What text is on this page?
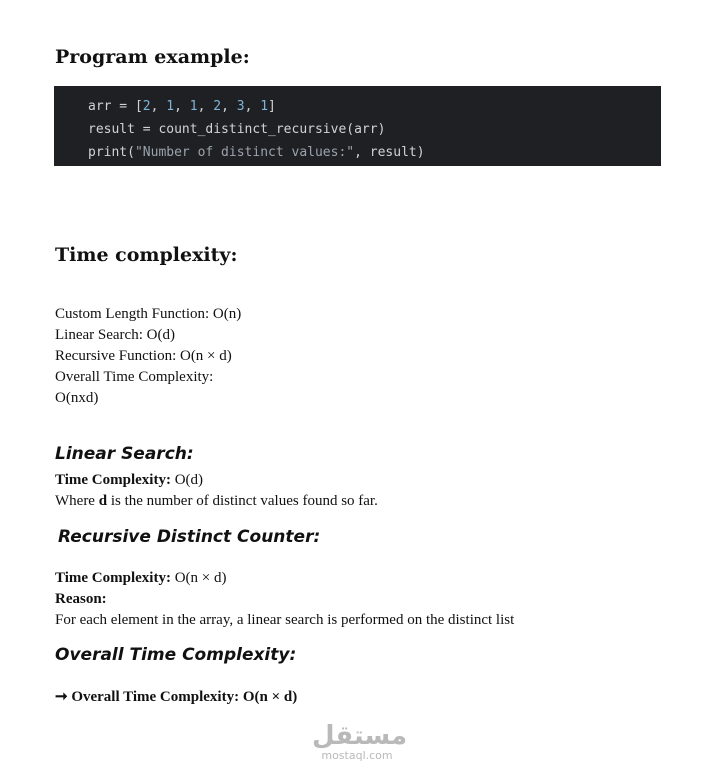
Program example:
arr = [2, 1, 1, 2, 3, 1]
result = count_distinct_recursive(arr)
print("Number of distinct values:", result)
Time complexity:
Custom Length Function: O(n)
Linear Search: O(d)
Recursive Function: O(n × d)
Overall Time Complexity:
O(nxd)
Linear Search:
Time Complexity: O(d)
Where d is the number of distinct values found so far.
Recursive Distinct Counter:
Time Complexity: O(n × d)
Reason:
For each element in the array, a linear search is performed on the distinct list
Overall Time Complexity:
➞ Overall Time Complexity: O(n × d)
مستقل
mostaql.com
